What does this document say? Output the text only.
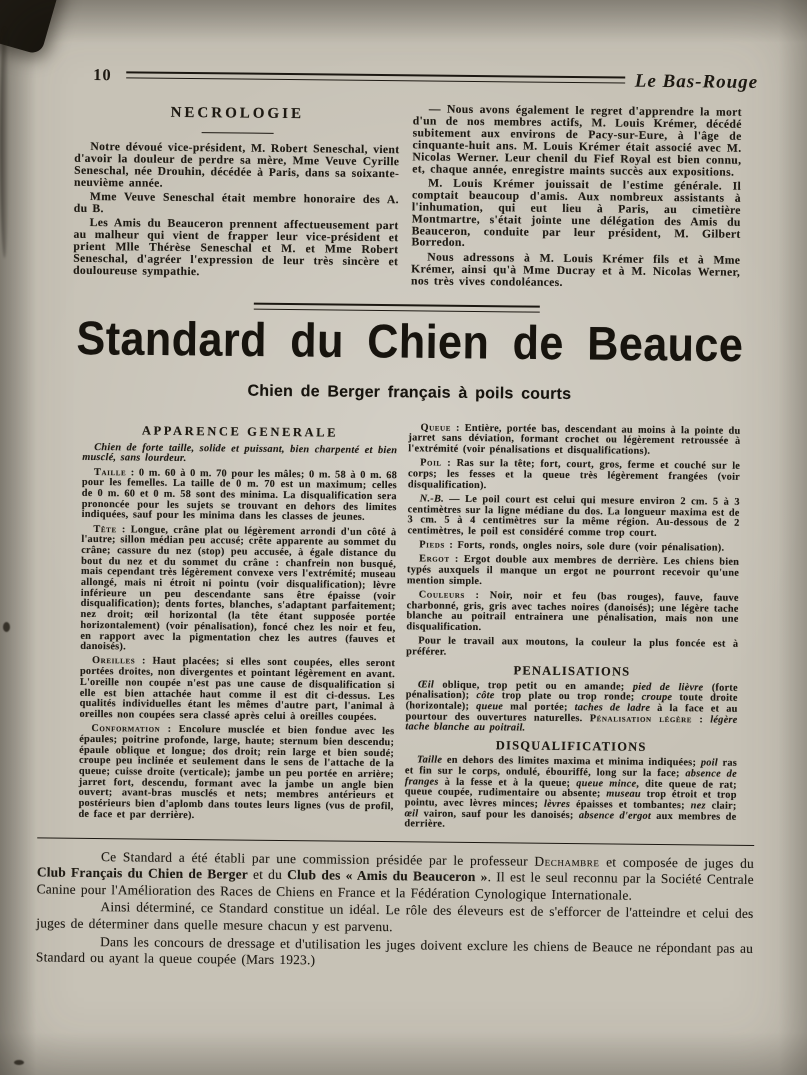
10	Le Bas-Rouge
NECROLOGIE

Notre dévoué vice-président, M. Robert Seneschal, vient d'avoir la douleur de perdre sa mère, Mme Veuve Cyrille Seneschal, née Drouhin, décédée à Paris, dans sa soixante-neuvième année.

Mme Veuve Seneschal était membre honoraire des A. du B.

Les Amis du Beauceron prennent affectueusement part au malheur qui vient de frapper leur vice-président et prient Mlle Thérèse Seneschal et M. et Mme Robert Seneschal, d'agréer l'expression de leur très sincère et douloureuse sympathie.

— Nous avons également le regret d'apprendre la mort d'un de nos membres actifs, M. Louis Krémer, décédé subitement aux environs de Pacy-sur-Eure, à l'âge de cinquante-huit ans. M. Louis Krémer était associé avec M. Nicolas Werner. Leur chenil du Fief Royal est bien connu, et, chaque année, enregistre maints succès aux expositions.

M. Louis Krémer jouissait de l'estime générale. Il comptait beaucoup d'amis. Aux nombreux assistants à l'inhumation, qui eut lieu à Paris, au cimetière Montmartre, s'était jointe une délégation des Amis du Beauceron, conduite par leur président, M. Gilbert Borredon.

Nous adressons à M. Louis Krémer fils et à Mme Krémer, ainsi qu'à Mme Ducray et à M. Nicolas Werner, nos très vives condoléances.

Standard du Chien de Beauce
Chien de Berger français à poils courts
APPARENCE GENERALE

Chien de forte taille, solide et puissant, bien charpenté et bien musclé, sans lourdeur.

Taille : 0 m. 60 à 0 m. 70 pour les mâles; 0 m. 58 à 0 m. 68 pour les femelles. La taille de 0 m. 70 est un maximum; celles de 0 m. 60 et 0 m. 58 sont des minima. La disqualification sera prononcée pour les sujets se trouvant en dehors des limites indiquées, sauf pour les minima dans les classes de jeunes.

Tête : Longue, crâne plat ou légèrement arrondi d'un côté à l'autre; sillon médian peu accusé; crête apparente au sommet du crâne; cassure du nez (stop) peu accusée, à égale distance du bout du nez et du sommet du crâne : chanfrein non busqué, mais cependant très légèrement convexe vers l'extrémité; museau allongé, mais ni étroit ni pointu (voir disqualification); lèvre inférieure un peu descendante sans être épaisse (voir disqualification); dents fortes, blanches, s'adaptant parfaitement; nez droit; œil horizontal (la tête étant supposée portée horizontalement) (voir pénalisation), foncé chez les noir et feu, en rapport avec la pigmentation chez les autres (fauves et danoisés).

Oreilles : Haut placées; si elles sont coupées, elles seront portées droites, non divergentes et pointant légèrement en avant. L'oreille non coupée n'est pas une cause de disqualification si elle est bien attachée haut comme il est dit ci-dessus. Les qualités individuelles étant les mêmes d'autre part, l'animal à oreilles non coupées sera classé après celui à oreilles coupées.

Conformation : Encolure musclée et bien fondue avec les épaules; poitrine profonde, large, haute; sternum bien descendu; épaule oblique et longue; dos droit; rein large et bien soudé; croupe peu inclinée et seulement dans le sens de l'attache de la queue; cuisse droite (verticale); jambe un peu portée en arrière; jarret fort, descendu, formant avec la jambe un angle bien ouvert; avant-bras musclés et nets; membres antérieurs et postérieurs bien d'aplomb dans toutes leurs lignes (vus de profil, de face et par derrière).

Queue : Entière, portée bas, descendant au moins à la pointe du jarret sans déviation, formant crochet ou légèrement retroussée à l'extrémité (voir pénalisations et disqualifications).

Poil : Ras sur la tête; fort, court, gros, ferme et couché sur le corps; les fesses et la queue très légèrement frangées (voir disqualification).

N.-B. — Le poil court est celui qui mesure environ 2 cm. 5 à 3 centimètres sur la ligne médiane du dos. La longueur maxima est de 3 cm. 5 à 4 centimètres sur la même région. Au-dessous de 2 centimètres, le poil est considéré comme trop court.

Pieds : Forts, ronds, ongles noirs, sole dure (voir pénalisation).

Ergot : Ergot double aux membres de derrière. Les chiens bien typés auxquels il manque un ergot ne pourront recevoir qu'une mention simple.

Couleurs : Noir, noir et feu (bas rouges), fauve, fauve charbonné, gris, gris avec taches noires (danoisés); une légère tache blanche au poitrail entrainera une pénalisation, mais non une disqualification.

Pour le travail aux moutons, la couleur la plus foncée est à préférer.

PENALISATIONS

Œil oblique, trop petit ou en amande; pied de lièvre (forte pénalisation); côte trop plate ou trop ronde; croupe toute droite (horizontale); queue mal portée; taches de ladre à la face et au pourtour des ouvertures naturelles. Pénalisation légère : légère tache blanche au poitrail.

DISQUALIFICATIONS

Taille en dehors des limites maxima et minima indiquées; poil ras et fin sur le corps, ondulé, ébouriffé, long sur la face; absence de franges à la fesse et à la queue; queue mince, dite queue de rat; queue coupée, rudimentaire ou absente; museau trop étroit et trop pointu, avec lèvres minces; lèvres épaisses et tombantes; nez clair; œil vairon, sauf pour les danoisés; absence d'ergot aux membres de derrière.

Ce Standard a été établi par une commission présidée par le professeur Dechambre et composée de juges du Club Français du Chien de Berger et du Club des « Amis du Beauceron ». Il est le seul reconnu par la Société Centrale Canine pour l'Amélioration des Races de Chiens en France et la Fédération Cynologique Internationale.

Ainsi déterminé, ce Standard constitue un idéal. Le rôle des éleveurs est de s'efforcer de l'atteindre et celui des juges de déterminer dans quelle mesure chacun y est parvenu.

Dans les concours de dressage et d'utilisation les juges doivent exclure les chiens de Beauce ne répondant pas au Standard ou ayant la queue coupée (Mars 1923.)
